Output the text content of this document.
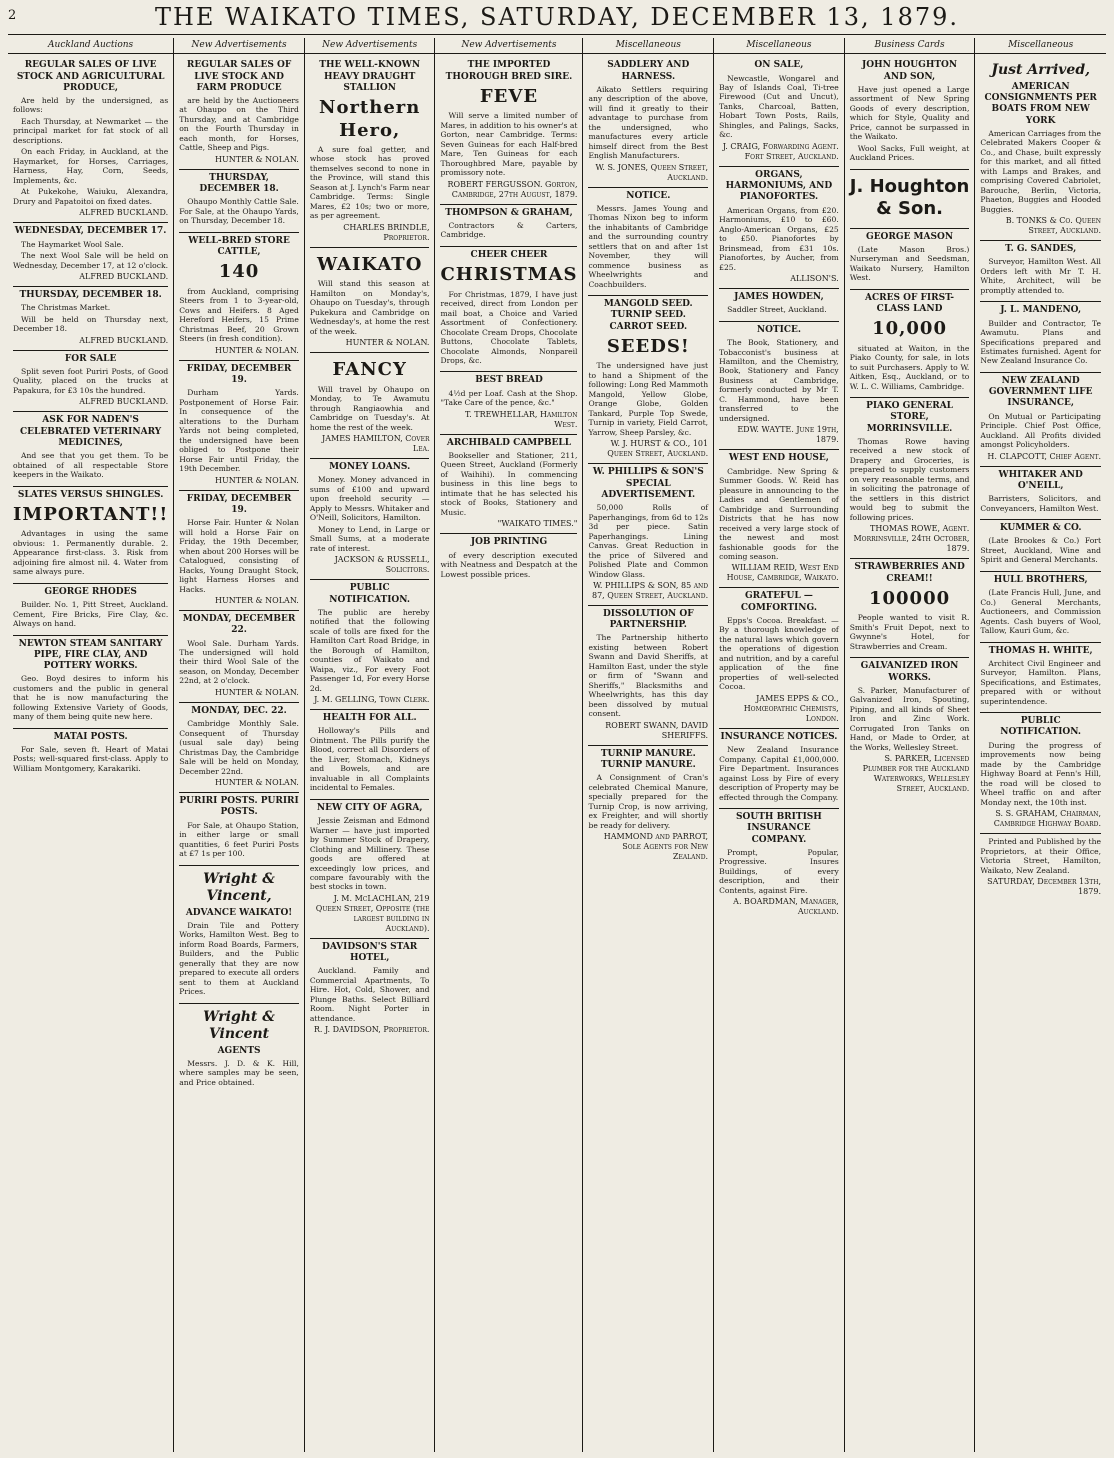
2	THE WAIKATO TIMES, SATURDAY, DECEMBER 13, 1879.
Auckland Auctions
REGULAR SALES OF LIVE STOCK AND AGRICULTURAL PRODUCE,

Are held by the undersigned, as follows:

Each Thursday, at Newmarket — the principal market for fat stock of all descriptions.

On each Friday, in Auckland, at the Haymarket, for Horses, Carriages, Harness, Hay, Corn, Seeds, Implements, &c.

At Pukekohe, Waiuku, Alexandra, Drury and Papatoitoi on fixed dates.

ALFRED BUCKLAND.
WEDNESDAY, DECEMBER 17.

The Haymarket Wool Sale.

The next Wool Sale will be held on Wednesday, December 17, at 12 o'clock.

ALFRED BUCKLAND.
THURSDAY, DECEMBER 18.

The Christmas Market.

Will be held on Thursday next, December 18.

ALFRED BUCKLAND.
FOR SALE

Split seven foot Puriri Posts, of Good Quality, placed on the trucks at Papakura, for £3 10s the hundred.

ALFRED BUCKLAND.
ASK FOR NADEN'S CELEBRATED VETERINARY MEDICINES,

And see that you get them. To be obtained of all respectable Store keepers in the Waikato.

SLATES VERSUS SHINGLES.
IMPORTANT!!

Advantages in using the same obvious: 1. Permanently durable. 2. Appearance first-class. 3. Risk from adjoining fire almost nil. 4. Water from same always pure.

GEORGE RHODES

Builder. No. 1, Pitt Street, Auckland. Cement, Fire Bricks, Fire Clay, &c. Always on hand.

NEWTON STEAM SANITARY PIPE, FIRE CLAY, AND POTTERY WORKS.

Geo. Boyd desires to inform his customers and the public in general that he is now manufacturing the following Extensive Variety of Goods, many of them being quite new here.

MATAI POSTS.

For Sale, seven ft. Heart of Matai Posts; well-squared first-class. Apply to William Montgomery, Karakariki.

New Advertisements
REGULAR SALES OF LIVE STOCK AND FARM PRODUCE

are held by the Auctioneers at Ohaupo on the Third Thursday, and at Cambridge on the Fourth Thursday in each month, for Horses, Cattle, Sheep and Pigs.

HUNTER & NOLAN.
THURSDAY, DECEMBER 18.

Ohaupo Monthly Cattle Sale. For Sale, at the Ohaupo Yards, on Thursday, December 18.

WELL-BRED STORE CATTLE,
140

from Auckland, comprising Steers from 1 to 3-year-old, Cows and Heifers. 8 Aged Hereford Heifers, 15 Prime Christmas Beef, 20 Grown Steers (in fresh condition).

HUNTER & NOLAN.
FRIDAY, DECEMBER 19.

Durham Yards. Postponement of Horse Fair. In consequence of the alterations to the Durham Yards not being completed, the undersigned have been obliged to Postpone their Horse Fair until Friday, the 19th December.

HUNTER & NOLAN.
FRIDAY, DECEMBER 19.

Horse Fair. Hunter & Nolan will hold a Horse Fair on Friday, the 19th December, when about 200 Horses will be Catalogued, consisting of Hacks, Young Draught Stock, light Harness Horses and Hacks.

HUNTER & NOLAN.
MONDAY, DECEMBER 22.

Wool Sale. Durham Yards. The undersigned will hold their third Wool Sale of the season, on Monday, December 22nd, at 2 o'clock.

HUNTER & NOLAN.
MONDAY, DEC. 22.

Cambridge Monthly Sale. Consequent of Thursday (usual sale day) being Christmas Day, the Cambridge Sale will be held on Monday, December 22nd.

HUNTER & NOLAN.
PURIRI POSTS. PURIRI POSTS.

For Sale, at Ohaupo Station, in either large or small quantities, 6 feet Puriri Posts at £7 1s per 100.

Wright & Vincent,
ADVANCE WAIKATO!

Drain Tile and Pottery Works, Hamilton West. Beg to inform Road Boards, Farmers, Builders, and the Public generally that they are now prepared to execute all orders sent to them at Auckland Prices.

Wright & Vincent
AGENTS

Messrs. J. D. & K. Hill, where samples may be seen, and Price obtained.

New Advertisements
THE WELL-KNOWN HEAVY DRAUGHT STALLION
Northern Hero,

A sure foal getter, and whose stock has proved themselves second to none in the Province, will stand this Season at J. Lynch's Farm near Cambridge. Terms: Single Mares, £2 10s; two or more, as per agreement.

CHARLES BRINDLE, Proprietor.
WAIKATO

Will stand this season at Hamilton on Monday's, Ohaupo on Tuesday's, through Pukekura and Cambridge on Wednesday's, at home the rest of the week.

HUNTER & NOLAN.
FANCY

Will travel by Ohaupo on Monday, to Te Awamutu through Rangiaowhia and Cambridge on Tuesday's. At home the rest of the week.

JAMES HAMILTON, Cover Lea.
MONEY LOANS.

Money. Money advanced in sums of £100 and upward upon freehold security — Apply to Messrs. Whitaker and O'Neill, Solicitors, Hamilton.

Money to Lend, in Large or Small Sums, at a moderate rate of interest.

JACKSON & RUSSELL, Solicitors.
PUBLIC NOTIFICATION.

The public are hereby notified that the following scale of tolls are fixed for the Hamilton Cart Road Bridge, in the Borough of Hamilton, counties of Waikato and Waipa, viz., For every Foot Passenger 1d, For every Horse 2d.

J. M. GELLING, Town Clerk.
HEALTH FOR ALL.

Holloway's Pills and Ointment. The Pills purify the Blood, correct all Disorders of the Liver, Stomach, Kidneys and Bowels, and are invaluable in all Complaints incidental to Females.

NEW CITY OF AGRA,

Jessie Zeisman and Edmond Warner — have just imported by Summer Stock of Drapery, Clothing and Millinery. These goods are offered at exceedingly low prices, and compare favourably with the best stocks in town.

J. M. McLACHLAN, 219 Queen Street, Opposite (the largest building in Auckland).
DAVIDSON'S STAR HOTEL,

Auckland. Family and Commercial Apartments, To Hire. Hot, Cold, Shower, and Plunge Baths. Select Billiard Room. Night Porter in attendance.

R. J. DAVIDSON, Proprietor.
New Advertisements
THE IMPORTED THOROUGH BRED SIRE.
FEVE

Will serve a limited number of Mares, in addition to his owner's at Gorton, near Cambridge. Terms: Seven Guineas for each Half-bred Mare, Ten Guineas for each Thoroughbred Mare, payable by promissory note.

ROBERT FERGUSSON. Gorton, Cambridge, 27th August, 1879.
THOMPSON & GRAHAM,

Contractors & Carters, Cambridge.

CHEER CHEER
CHRISTMAS

For Christmas, 1879, I have just received, direct from London per mail boat, a Choice and Varied Assortment of Confectionery. Chocolate Cream Drops, Chocolate Buttons, Chocolate Tablets, Chocolate Almonds, Nonpareil Drops, &c.

BEST BREAD

4½d per Loaf. Cash at the Shop. "Take Care of the pence, &c."

T. TREWHELLAR, Hamilton West.
ARCHIBALD CAMPBELL

Bookseller and Stationer, 211, Queen Street, Auckland (Formerly of Waihihi). In commencing business in this line begs to intimate that he has selected his stock of Books, Stationery and Music.

"WAIKATO TIMES."
JOB PRINTING

of every description executed with Neatness and Despatch at the Lowest possible prices.

Miscellaneous
SADDLERY AND HARNESS.

Aikato Settlers requiring any description of the above, will find it greatly to their advantage to purchase from the undersigned, who manufactures every article himself direct from the Best English Manufacturers.

W. S. JONES, Queen Street, Auckland.
NOTICE.

Messrs. James Young and Thomas Nixon beg to inform the inhabitants of Cambridge and the surrounding country settlers that on and after 1st November, they will commence business as Wheelwrights and Coachbuilders.

MANGOLD SEED. TURNIP SEED. CARROT SEED.
SEEDS!

The undersigned have just to hand a Shipment of the following: Long Red Mammoth Mangold, Yellow Globe, Orange Globe, Golden Tankard, Purple Top Swede, Turnip in variety, Field Carrot, Yarrow, Sheep Parsley, &c.

W. J. HURST & CO., 101 Queen Street, Auckland.
W. PHILLIPS & SON'S SPECIAL ADVERTISEMENT.

50,000 Rolls of Paperhangings, from 6d to 12s 3d per piece. Satin Paperhangings. Lining Canvas. Great Reduction in the price of Silvered and Polished Plate and Common Window Glass.

W. PHILLIPS & SON, 85 and 87, Queen Street, Auckland.
DISSOLUTION OF PARTNERSHIP.

The Partnership hitherto existing between Robert Swann and David Sheriffs, at Hamilton East, under the style or firm of "Swann and Sheriffs," Blacksmiths and Wheelwrights, has this day been dissolved by mutual consent.

ROBERT SWANN, DAVID SHERIFFS.
TURNIP MANURE. TURNIP MANURE.

A Consignment of Cran's celebrated Chemical Manure, specially prepared for the Turnip Crop, is now arriving, ex Freighter, and will shortly be ready for delivery.

HAMMOND and PARROT, Sole Agents for New Zealand.
Miscellaneous
ON SALE,

Newcastle, Wongarel and Bay of Islands Coal, Ti-tree Firewood (Cut and Uncut), Tanks, Charcoal, Batten, Hobart Town Posts, Rails, Shingles, and Palings, Sacks, &c.

J. CRAIG, Forwarding Agent. Fort Street, Auckland.
ORGANS, HARMONIUMS, AND PIANOFORTES.

American Organs, from £20. Harmoniums, £10 to £60. Anglo-American Organs, £25 to £50. Pianofortes by Brinsmead, from £31 10s. Pianofortes, by Aucher, from £25.

ALLISON'S.
JAMES HOWDEN,

Saddler Street, Auckland.

NOTICE.

The Book, Stationery, and Tobacconist's business at Hamilton, and the Chemistry, Book, Stationery and Fancy Business at Cambridge, formerly conducted by Mr T. C. Hammond, have been transferred to the undersigned.

EDW. WAYTE. June 19th, 1879.
WEST END HOUSE,

Cambridge. New Spring & Summer Goods. W. Reid has pleasure in announcing to the Ladies and Gentlemen of Cambridge and Surrounding Districts that he has now received a very large stock of the newest and most fashionable goods for the coming season.

WILLIAM REID, West End House, Cambridge, Waikato.
GRATEFUL — COMFORTING.

Epps's Cocoa. Breakfast. — By a thorough knowledge of the natural laws which govern the operations of digestion and nutrition, and by a careful application of the fine properties of well-selected Cocoa.

JAMES EPPS & CO., Homœopathic Chemists, London.
INSURANCE NOTICES.

New Zealand Insurance Company. Capital £1,000,000. Fire Department. Insurances against Loss by Fire of every description of Property may be effected through the Company.

SOUTH BRITISH INSURANCE COMPANY.

Prompt, Popular, Progressive. Insures Buildings, of every description, and their Contents, against Fire.

A. BOARDMAN, Manager, Auckland.
Business Cards
JOHN HOUGHTON AND SON,

Have just opened a Large assortment of New Spring Goods of every description, which for Style, Quality and Price, cannot be surpassed in the Waikato.

Wool Sacks, Full weight, at Auckland Prices.

J. Houghton & Son.
GEORGE MASON

(Late Mason Bros.) Nurseryman and Seedsman, Waikato Nursery, Hamilton West.

ACRES OF FIRST-CLASS LAND
10,000

situated at Waiton, in the Piako County, for sale, in lots to suit Purchasers. Apply to W. Aitken, Esq., Auckland, or to W. L. C. Williams, Cambridge.

PIAKO GENERAL STORE, MORRINSVILLE.

Thomas Rowe having received a new stock of Drapery and Groceries, is prepared to supply customers on very reasonable terms, and in soliciting the patronage of the settlers in this district would beg to submit the following prices.

THOMAS ROWE, Agent. Morrinsville, 24th October, 1879.
STRAWBERRIES AND CREAM!!
100000

People wanted to visit R. Smith's Fruit Depot, next to Gwynne's Hotel, for Strawberries and Cream.

GALVANIZED IRON WORKS.

S. Parker, Manufacturer of Galvanized Iron, Spouting, Piping, and all kinds of Sheet Iron and Zinc Work. Corrugated Iron Tanks on Hand, or Made to Order, at the Works, Wellesley Street.

S. PARKER, Licensed Plumber for the Auckland Waterworks, Wellesley Street, Auckland.
Miscellaneous
Just Arrived,
AMERICAN CONSIGNMENTS PER BOATS FROM NEW YORK

American Carriages from the Celebrated Makers Cooper & Co., and Chase, built expressly for this market, and all fitted with Lamps and Brakes, and comprising Covered Cabriolet, Barouche, Berlin, Victoria, Phaeton, Buggies and Hooded Buggies.

B. TONKS & Co. Queen Street, Auckland.
T. G. SANDES,

Surveyor, Hamilton West. All Orders left with Mr T. H. White, Architect, will be promptly attended to.

J. L. MANDENO,

Builder and Contractor, Te Awamutu. Plans and Specifications prepared and Estimates furnished. Agent for New Zealand Insurance Co.

NEW ZEALAND GOVERNMENT LIFE INSURANCE,

On Mutual or Participating Principle. Chief Post Office, Auckland. All Profits divided amongst Policyholders.

H. CLAPCOTT, Chief Agent.
WHITAKER AND O'NEILL,

Barristers, Solicitors, and Conveyancers, Hamilton West.

KUMMER & CO.

(Late Brookes & Co.) Fort Street, Auckland, Wine and Spirit and General Merchants.

HULL BROTHERS,

(Late Francis Hull, June, and Co.) General Merchants, Auctioneers, and Commission Agents. Cash buyers of Wool, Tallow, Kauri Gum, &c.

THOMAS H. WHITE,

Architect Civil Engineer and Surveyor, Hamilton. Plans, Specifications, and Estimates, prepared with or without superintendence.

PUBLIC NOTIFICATION.

During the progress of improvements now being made by the Cambridge Highway Board at Fenn's Hill, the road will be closed to Wheel traffic on and after Monday next, the 10th inst.

S. S. GRAHAM, Chairman, Cambridge Highway Board.

Printed and Published by the Proprietors, at their Office, Victoria Street, Hamilton, Waikato, New Zealand.

SATURDAY, December 13th, 1879.
